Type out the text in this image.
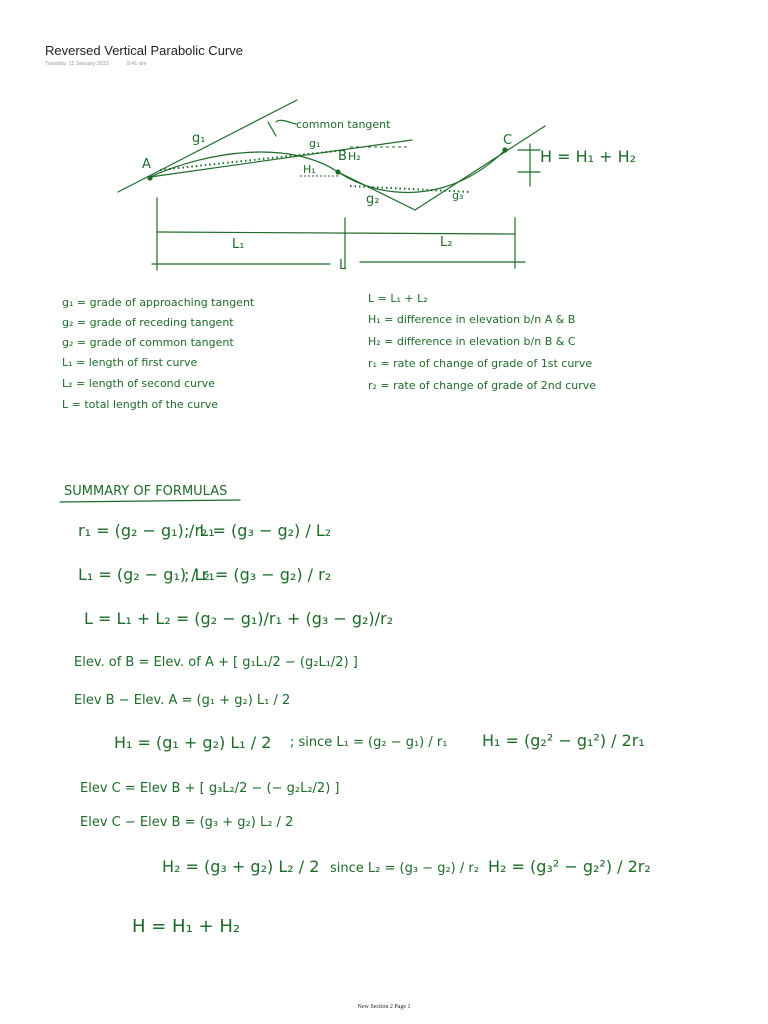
Reversed Vertical Parabolic Curve
Tuesday, 11 January 2022	9:41 am
common tangent
g₁	g₁
g₂	g₃
A
B
C
H₁
H₂	H = H₁ + H₂
L₁	L₂
L
g₁ = grade of approaching tangent
g₂ = grade of receding tangent
g₂ = grade of common tangent
L₁ = length of first curve
L₂ = length of second curve
L = total length of the curve
L = L₁ + L₂
H₁ = difference in elevation b/n A & B
H₂ = difference in elevation b/n B & C
r₁ = rate of change of grade of 1st curve
r₂ = rate of change of grade of 2nd curve
SUMMARY OF FORMULAS
r₁ = (g₂ − g₁) / L₁
; r₂ = (g₃ − g₂) / L₂
L₁ = (g₂ − g₁) / r₁
; L₂ = (g₃ − g₂) / r₂
L = L₁ + L₂ = (g₂ − g₁)/r₁ + (g₃ − g₂)/r₂
Elev. of B = Elev. of A + [ g₁L₁/2 − (g₂L₁/2) ]
Elev B − Elev. A = (g₁ + g₂) L₁ / 2
H₁ = (g₁ + g₂) L₁ / 2 ; since L₁ = (g₂ − g₁) / r₁ H₁ = (g₂² − g₁²) / 2r₁
Elev C = Elev B + [ g₃L₂/2 − (− g₂L₂/2) ]
Elev C − Elev B = (g₃ + g₂) L₂ / 2
H₂ = (g₃ + g₂) L₂ / 2 since L₂ = (g₃ − g₂) / r₂ H₂ = (g₃² − g₂²) / 2r₂
H = H₁ + H₂
New Section 2 Page 1
